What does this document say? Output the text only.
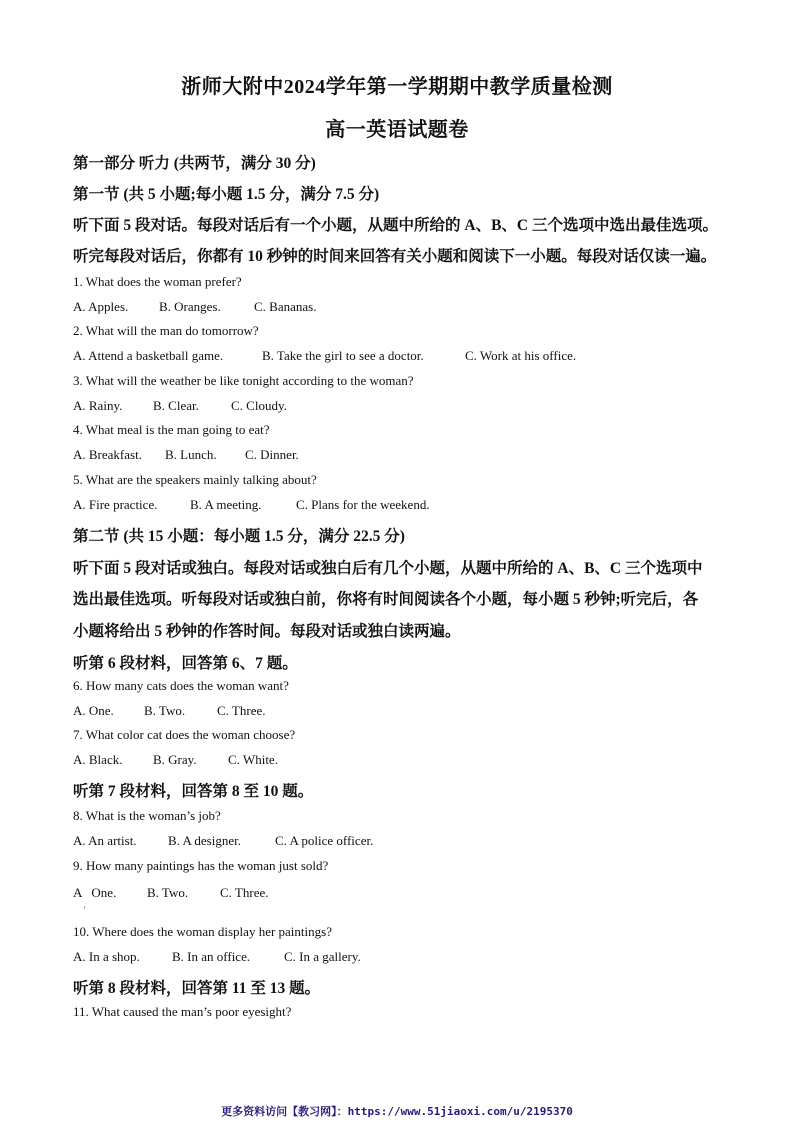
浙师大附中2024学年第一学期期中教学质量检测
高一英语试题卷
第一部分 听力 (共两节，满分 30 分)
第一节 (共 5 小题;每小题 1.5 分，满分 7.5 分)
听下面 5 段对话。每段对话后有一个小题，从题中所给的 A、B、C 三个选项中选出最佳选项。
听完每段对话后，你都有 10 秒钟的时间来回答有关小题和阅读下一小题。每段对话仅读一遍。
1. What does the woman prefer?
A. Apples. B. Oranges.	C. Bananas.
2. What will the man do tomorrow?
A. Attend a basketball game.	B. Take the girl to see a doctor.	C. Work at his office.
3. What will the weather be like tonight according to the woman?
A. Rainy. B. Clear. C. Cloudy.
4. What meal is the man going to eat?
A. Breakfast. B. Lunch. C. Dinner.
5. What are the speakers mainly talking about?
A. Fire practice.	B. A meeting.	C. Plans for the weekend.
第二节 (共 15 小题：每小题 1.5 分，满分 22.5 分)
听下面 5 段对话或独白。每段对话或独白后有几个小题，从题中所给的 A、B、C 三个选项中
选出最佳选项。听每段对话或独白前，你将有时间阅读各个小题，每小题 5 秒钟;听完后，各
小题将给出 5 秒钟的作答时间。每段对话或独白读两遍。
听第 6 段材料，回答第 6、7 题。
6. How many cats does the woman want?
A. One. B. Two. C. Three.
7. What color cat does the woman choose?
A. Black. B. Gray. C. White.
听第 7 段材料，回答第 8 至 10 题。
8. What is the woman’s job?
A. An artist. B. A designer.	C. A police officer.
9. How many paintings has the woman just sold?
A   One. B. Two. C. Three.
'
10. Where does the woman display her paintings?
A. In a shop. B. In an office.	C. In a gallery.
听第 8 段材料，回答第 11 至 13 题。
11. What caused the man’s poor eyesight?
更多资料访问【教习网】：https://www.51jiaoxi.com/u/2195370
